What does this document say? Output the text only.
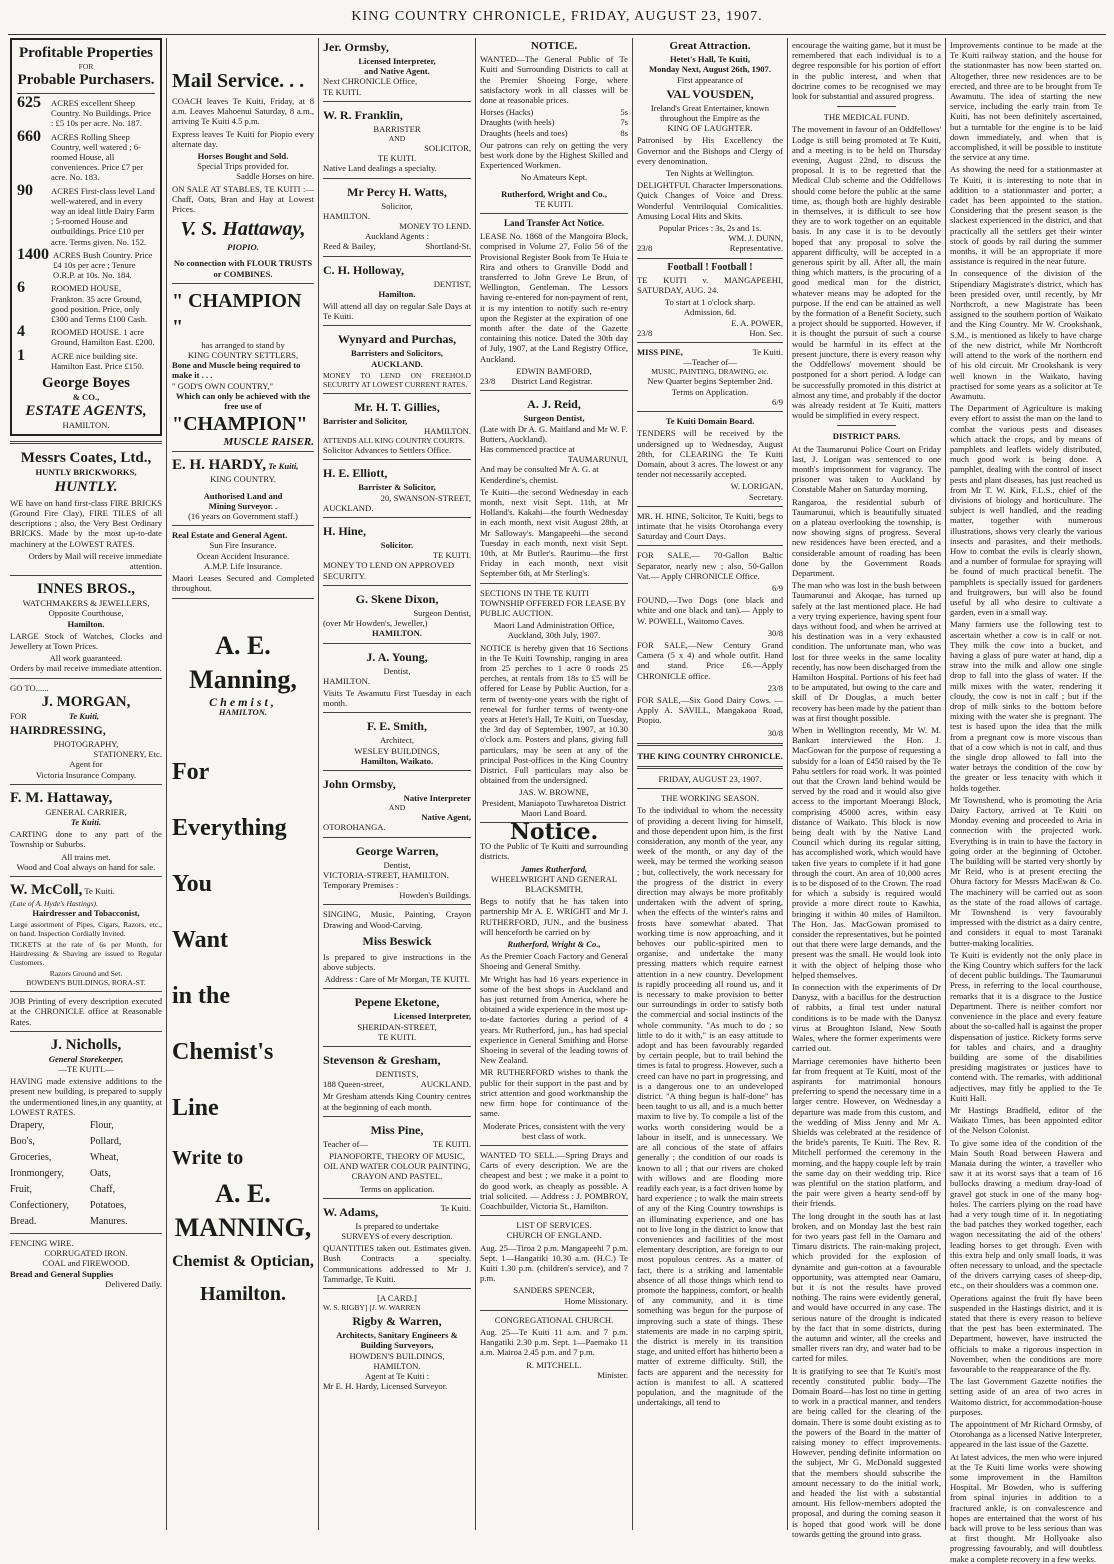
KING COUNTRY CHRONICLE, FRIDAY, AUGUST 23, 1907.
Profitable Properties
FOR
Probable Purchasers.
625	ACRES excellent Sheep Country. No Buildings. Price : £5 10s per acre. No. 187.
660	ACRES Rolling Sheep Country, well watered ; 6-roomed House, all conveniences. Price £7 per acre. No. 183.
90	ACRES First-class level Land well-watered, and in every way an ideal little Dairy Farm ; 5-roomed House and outbuildings. Price £10 per acre. Terms given. No. 152.
1400 ACRES Bush Country. Price £4 10s per acre ; Tenure O.R.P. at 10s. No. 184.
6	ROOMED HOUSE, Frankton. 35 acre Ground, good position. Price, only £300 and Terms £100 Cash.
4	ROOMED HOUSE. 1 acre Ground, Hamilton East. £200.
1	ACRE nice building site. Hamilton East. Price £150.
George Boyes
& CO.,
ESTATE AGENTS,
HAMILTON.
Messrs Coates, Ltd.,
HUNTLY BRICKWORKS,
HUNTLY.

WE have on hand first-class FIRE BRICKS (Ground Fire Clay), FIRE TILES of all descriptions ; also, the Very Best Ordinary BRICKS. Made by the most up-to-date machinery at the LOWEST RATES.

Orders by Mail will receive immediate attention.

INNES BROS.,
WATCHMAKERS & JEWELLERS,
Opposite Courthouse,
Hamilton.

LARGE Stock of Watches, Clocks and Jewellery at Town Prices.

All work guaranteed.
Orders by mail receive immediate attention.
GO TO......
J. MORGAN,
FOR	Te Kuiti,
HAIRDRESSING,
PHOTOGRAPHY,
STATIONERY, Etc.
Agent for
Victoria Insurance Company.
F. M. Hattaway,
GENERAL CARRIER,
Te Kuiti.

CARTING done to any part of the Township or Suburbs.

All trains met.
Wood and Coal always on hand for sale.
W. McColl, Te Kuiti.
(Late of A. Hyde's Hastings).
Hairdresser and Tobacconist,

Large assortment of Pipes, Cigars, Razors, etc., on hand. Inspection Cordially Invited.

TICKETS at the rate of 6s per Month, for Hairdressing & Shaving are issued to Regular Customers.

Razors Ground and Set.
BOWDEN'S BUILDINGS, RORA-ST.

JOB Printing of every description executed at the CHRONICLE office at Reasonable Rates.

J. Nicholls,
General Storekeeper,
—TE KUITI.—

HAVING made extensive additions to the present new building, is prepared to supply the undermentioned lines,in any quantity, at LOWEST RATES.

Drapery,	Flour,
Boo's,	Pollard,
Groceries,	Wheat,
Ironmongery,	Oats,
Fruit,	Chaff,
Confectionery,	Potatoes,
Bread.	Manures.
FENCING WIRE.
CORRUGATED IRON.
COAL and FIREWOOD.
Bread and General Supplies
Delivered Daily.
Mail Service. . .

COACH leaves Te Kuiti, Friday, at 8 a.m. Leaves Mahoenui Saturday, 8 a.m., arriving Te Kuiti 4.5 p.m.

Express leaves Te Kuiti for Piopio every alternate day.

Horses Bought and Sold.
Special Trips provided for.
Saddle Horses on hire.

ON SALE AT STABLES, TE KUITI :—Chaff, Oats, Bran and Hay at Lowest Prices.

V. S. Hattaway,
PIOPIO.
No connection with FLOUR TRUSTS or COMBINES.
" CHAMPION "
has arranged to stand by
KING COUNTRY SETTLERS,
Bone and Muscle being required to make it . . .
" GOD'S OWN COUNTRY,"
Which can only be achieved with the free use of
"CHAMPION"
MUSCLE RAISER.
E. H. HARDY, Te Kuiti,
KING COUNTRY.
Authorised Land and
Mining Surveyor. .
(16 years on Government staff.)
Real Estate and General Agent.
Sun Fire Insurance.
Ocean Accident Insurance.
A.M.P. Life Insurance.

Maori Leases Secured and Completed throughout.

A. E. Manning,
Chemist,
HAMILTON.
For
Everything
You
Want
in the
Chemist's
Line
Write to
A. E.
MANNING,
Chemist & Optician,
Hamilton.
Jer. Ormsby,
Licensed Interpreter,
and Native Agent.
Next CHRONICLE Office,
TE KUITI.
W. R. Franklin,
BARRISTER
AND
SOLICITOR,
TE KUITI.
Native Land dealings a specialty.
Mr Percy H. Watts,
Solicitor,
HAMILTON.
MONEY TO LEND.
Auckland Agents :
Reed & Bailey,	Shortland-St.
C. H. Holloway,
DENTIST,
Hamilton.

Will attend all day on regular Sale Days at Te Kuiti.

Wynyard and Purchas,
Barristers and Solicitors,
AUCKLAND.

MONEY TO LEND ON FREEHOLD SECURITY AT LOWEST CURRENT RATES.

Mr. H. T. Gillies,
Barrister and Solicitor,
HAMILTON.
ATTENDS ALL KING COUNTRY COURTS.
Solicitor Advances to Settlers Office.
H. E. Elliott,
Barrister & Solicitor,
20, SWANSON-STREET,
AUCKLAND.
H. Hine,
Solicitor.
TE KUITI.
MONEY TO LEND ON APPROVED SECURITY.
G. Skene Dixon,
Surgeon Dentist,
(over Mr Howden's, Jeweller,)
HAMILTON.
J. A. Young,
Dentist,
HAMILTON.

Visits Te Awamutu First Tuesday in each month.

F. E. Smith,
Architect,
WESLEY BUILDINGS,
Hamilton, Waikato.
John Ormsby,
Native Interpreter
AND
Native Agent,
OTOROHANGA.
George Warren,
Dentist,
VICTORIA-STREET, HAMILTON.
Temporary Premises :
Howden's Buildings.

SINGING, Music, Painting, Crayon Drawing and Wood-Carving.

Miss Beswick

Is prepared to give instructions in the above subjects.

Address : Care of Mr Morgan, TE KUITI.
Pepene Eketone,
Licensed Interpreter,
SHERIDAN-STREET,
TE KUITI.
Stevenson & Gresham,
DENTISTS,
188 Queen-street,	AUCKLAND.

Mr Gresham attends King Country centres at the beginning of each month.

Miss Pine,
Teacher of—	TE KUITI.

PIANOFORTE, THEORY OF MUSIC, OIL AND WATER COLOUR PAINTING, CRAYON AND PASTEL.

Terms on application.
W. Adams,	Te Kuiti.
Is prepared to undertake
SURVEYS of every description.

QUANTITIES taken out. Estimates given. Bush Contracts a specialty. Communications addressed to Mr J. Tammadge, Te Kuiti.

[A CARD.]
W. S. RIGBY] [J. W. WARREN
Rigby & Warren,
Architects, Sanitary Engineers & Building Surveyors,
HOWDEN'S BUILDINGS,
HAMILTON.
Agent at Te Kuiti :
Mr E. H. Hardy, Licensed Surveyor.
NOTICE.

WANTED—The General Public of Te Kuiti and Surrounding Districts to call at the Premier Shoeing Forge, where satisfactory work in all classes will be done at reasonable prices.

Horses (Hacks)	5s
Draughts (with heels)	7s
Draughts (heels and toes)	8s

Our patrons can rely on getting the very best work done by the Highest Skilled and Experienced Workmen.

No Amateurs Kept.
Rutherford, Wright and Co.,
TE KUITI.
Land Transfer Act Notice.

LEASE No. 1868 of the Mangoira Block, comprised in Volume 27, Folio 56 of the Provisional Register Book from Te Huia te Rira and others to Granville Dodd and transferred to John Greve Le Brun, of Wellington, Gentleman. The Lessors having re-entered for non-payment of rent, it is my intention to notify such re-entry upon the Register at the expiration of one month after the date of the Gazette containing this notice. Dated the 30th day of July, 1907, at the Land Registry Office, Auckland.

EDWIN BAMFORD,
23/8 District Land Registrar.
A. J. Reid,
Surgeon Dentist,
(Late with Dr A. G. Maitland and Mr W. F. Butters, Auckland).
Has commenced practice at
TAUMARUNUI,
And may be consulted Mr A. G. at Kenderdine's, chemist.

Te Kuiti—the second Wednesday in each month, next visit Sept. 11th, at Mr Holland's. Kakahi—the fourth Wednesday in each month, next visit August 28th, at Mr Salloway's. Mangapeehi—the second Tuesday in each month, next visit Sept. 10th, at Mr Butler's. Raurimu—the first Friday in each month, next visit September 6th, at Mr Sterling's.

SECTIONS IN THE TE KUITI TOWNSHIP OFFERED FOR LEASE BY PUBLIC AUCTION.

Maori Land Administration Office, Auckland, 30th July, 1907.

NOTICE is hereby given that 16 Sections in the Te Kuiti Township, ranging in area from 25 perches to 1 acre 0 roods 25 perches, at rentals from 18s to £5 will be offered for Lease by Public Auction, for a term of twenty-one years with the right of renewal for further terms of twenty-one years at Hetet's Hall, Te Kuiti, on Tuesday, the 3rd day of September, 1907, at 10.30 o'clock a.m. Posters and plans, giving full particulars, may be seen at any of the principal Post-offices in the King Country District. Full particulars may also be obtained from the undersigned.

JAS. W. BROWNE,
President, Maniapoto Tuwharetoa District Maori Land Board.
Notice.

TO the Public of Te Kuiti and surrounding districts.

James Rutherford,
WHEELWRIGHT AND GENERAL BLACKSMITH,

Begs to notify that he has taken into partnership Mr A. E. WRIGHT and Mr J. RUTHERFORD, JUN., and the business will henceforth be carried on by

Rutherford, Wright & Co.,

As the Premier Coach Factory and General Shoeing and General Smithy.

Mr Wright has had 16 years experience in some of the best shops in Auckland and has just returned from America, where he obtained a wide experience in the most up-to-date factories during a period of 4 years. Mr Rutherford, jun., has had special experience in General Smithing and Horse Shoeing in several of the leading towns of New Zealand.

MR RUTHERFORD wishes to thank the public for their support in the past and by strict attention and good workmanship the new firm hope for continuance of the same.

Moderate Prices, consistent with the very best class of work.

WANTED TO SELL.—Spring Drays and Carts of every description. We are the cheapest and best ; we make it a point to do good work, as cheaply as possible. A trial solicited. — Address : J. POMBROY, Coachbuilder, Victoria St., Hamilton.

LIST OF SERVICES.
CHURCH OF ENGLAND.

Aug. 25—Tiroa 2 p.m. Mangapeehi 7 p.m. Sept. 1—Hangatiki 10.30 a.m. (H.C.) Te Kuiti 1.30 p.m. (children's service), and 7 p.m.

SANDERS SPENCER,
Home Missionary.
CONGREGATIONAL CHURCH.

Aug. 25—Te Kuiti 11 a.m. and 7 p.m. Hangatiki 2.30 p.m. Sept. 1—Paemako 11 a.m. Mairoa 2.45 p.m. and 7 p.m.

R. MITCHELL.
Minister.
Great Attraction.
Hetet's Hall, Te Kuiti,
Monday Next, August 26th, 1907.
First appearance of
VAL VOUSDEN,
Ireland's Great Entertainer, known throughout the Empire as the
KING OF LAUGHTER.

Patronised by His Excellency the Governor and the Bishops and Clergy of every denomination.

Ten Nights at Wellington.

DELIGHTFUL Character Impersonations. Quick Changes of Voice and Dress. Wonderful Ventriloquial Comicalities. Amusing Local Hits and Skits.

Popular Prices : 3s, 2s and 1s.
WM. J. DUNN,
23/8	Representative.
Football ! Football !

TE KUITI v. MANGAPEEHI, SATURDAY, AUG. 24.

To start at 1 o'clock sharp.
Admission, 6d.
E. A. POWER,
23/8	Hon. Sec.
MISS PINE,	Te Kuiti.
—Teacher of—
MUSIC, PAINTING, DRAWING, etc.
New Quarter begins September 2nd. Terms on Application.
6/9
Te Kuiti Domain Board.

TENDERS will be received by the undersigned up to Wednesday, August 28th, for CLEARING the Te Kuiti Domain, about 3 acres. The lowest or any tender not necessarily accepted.

W. LORIGAN,
Secretary.

MR. H. HINE, Solicitor, Te Kuiti, begs to intimate that he visits Otorohanga every Saturday and Court Days.

FOR SALE,— 70-Gallon Baltic Separator, nearly new ; also, 50-Gallon Vat.— Apply CHRONICLE Office.

6/9

FOUND,—Two Dogs (one black and white and one black and tan).— Apply to W. POWELL, Waitomo Caves.

30/8

FOR SALE,—New Century Grand Camera (5 x 4) and whole outfit. Hand and stand. Price £6.—Apply CHRONICLE office.

23/8

FOR SALE,—Six Good Dairy Cows. —Apply A. SAVILL, Mangakaoa Road, Piopio.

30/8
THE KING COUNTRY CHRONICLE.
FRIDAY, AUGUST 23, 1907.
THE WORKING SEASON.

To the individual to whom the necessity of providing a decent living for himself, and those dependent upon him, is the first consideration, any month of the year, any week of the month, or any day of the week, may be termed the working season ; but, collectively, the work necessary for the progress of the district in every direction may always be more profitably undertaken with the advent of spring, when the effects of the winter's rains and frosts have somewhat abated. That working time is now approaching, and it behoves our public-spirited men to organise, and undertake the many pressing matters which require earnest attention in a new country. Development is rapidly proceeding all round us, and it is necessary to make provision to better our surroundings in order to satisfy both the commercial and social instincts of the whole community. "As much to do ; so little to do it with," is an easy attitude to adopt and has been favourably regarded by certain people, but to trail behind the times is fatal to progress. However, such a creed can have no part in progressing, and is a dangerous one to an undeveloped district. "A thing begun is half-done" has been taught to us all, and is a much better maxim to live by. To compile a list of the works worth considering would be a labour in itself, and is unnecessary. We are all concious of the state of affairs generally ; the condition of our roads is known to all ; that our rivers are choked with willows and are flooding more readily each year, is a fact driven home by hard experience ; to walk the main streets of any of the King Country townships is an illuminating experience, and one has not to live long in the district to know that conveniences and facilities of the most elementary description, are foreign to our most populous centres. As a matter of fact, there is a striking and lamentable absence of all those things which tend to promote the happiness, comfort, or health of any community, and it is time something was begun for the purpose of improving such a state of things. These statements are made in no carping spirit, the district is merely in its transition stage, and united effort has hitherto been a matter of extreme difficulty. Still, the facts are apparent and the necessity for action is manifest to all. A scattered population, and the magnitude of the undertakings, all tend to

encourage the waiting game, but it must be remembered that each individual is to a degree responsible for his portion of effort in the public interest, and when that doctrine comes to be recognised we may look for substantial and assured progress.

THE MEDICAL FUND.

The movement in favour of an Oddfellows' Lodge is still being promoted at Te Kuiti, and a meeting is to be held on Thursday evening, August 22nd, to discuss the proposal. It is to be regretted that the Medical Club scheme and the Oddfellows should come before the public at the same time, as, though both are highly desirable in themselves, it is difficult to see how they are to work together on an equitable basis. In any case it is to be devoutly hoped that any proposal to solve the apparent difficulty, will be accepted in a generous spirit by all. After all, the main thing which matters, is the procuring of a good medical man for the district, whatever means may be adopted for the purpose. If the end can be attained as well by the formation of a Benefit Society, such a project should be supported. However, if it is thought the pursuit of such a course would be harmful in its effect at the present juncture, there is every reason why the Oddfellows' movement should be postponed for a short period. A lodge can be successfully promoted in this district at almost any time, and probably if the doctor was already resident at Te Kuiti, matters would be simplified in every respect.

DISTRICT PARS.

At the Taumarunui Police Court on Friday last, J. Lorigan was sentenced to one month's imprisonment for vagrancy. The prisoner was taken to Auckland by Constable Maher on Saturday morning.

Rangaroa, the residential suburb of Taumarunui, which is beautifully situated on a plateau overlooking the township, is now showing signs of progress. Several new residences have been erected, and a considerable amount of roading has been done by the Government Roads Department.

The man who was lost in the bush between Taumarunui and Akoqae, has turned up safely at the last mentioned place. He had a very trying experience, having spent four days without food, and when he arrived at his destination was in a very exhausted condition. The unfortunate man, who was lost for three weeks in the same locality recently, has now been discharged from the Hamilton Hospital. Portions of his feet had to be amputated, but owing to the care and skill of Dr Douglas, a much better recovery has been made by the patient than was at first thought possible.

When in Wellington recently, Mr W. M. Bankart interviewed the Hon. J. MacGowan for the purpose of requesting a subsidy for a loan of £450 raised by the Te Pahu settlers for road work. It was pointed out that the Crown land behind would be served by the road and it would also give access to the important Moerangi Block, comprising 45000 acres, within easy distance of Waikato. This block is now being dealt with by the Native Land Council which during its regular sitting, has accomplished work, which would have taken five years to complete if it had gone through the court. An area of 10,000 acres is to be disposed of to the Crown. The road for which a subsidy is required would provide a more direct route to Kawhia, bringing it within 40 miles of Hamilton. The Hon. Jas. MacGowan promised to consider the representatives, but he pointed out that there were large demands, and the present was the small. He would look into it with the object of helping those who helped themselves.

In connection with the experiments of Dr Danysz, with a bacillus for the destruction of rabbits, a final test under natural conditions is to be made with the Danysz virus at Broughton Island, New South Wales, where the former experiments were carried out.

Marriage ceremonies have hitherto been far from frequent at Te Kuiti, most of the aspirants for matrimonial honours preferring to spend the necessary time in a larger centre. However, on Wednesday a departure was made from this custom, and the wedding of Miss Jenny and Mr A. Shields was celebrated at the residence of the bride's parents, Te Kuiti. The Rev. R. Mitchell performed the ceremony in the morning, and the happy couple left by train the same day on their wedding trip. Rice was plentiful on the station platform, and the pair were given a hearty send-off by their friends.

The long drought in the south has at last broken, and on Monday last the best rain for two years past fell in the Oamaru and Timaru districts. The rain-making project, which provided for the explosion of dynamite and gun-cotton at a favourable opportunity, was attempted near Oamaru, but it is not the results have proved nothing. The rains were evidently general, and would have occurred in any case. The serious nature of the drought is indicated by the fact that in some districts, during the autumn and winter, all the creeks and smaller rivers ran dry, and water had to be carted for miles.

It is gratifying to see that Te Kuiti's most recently constituted public body—The Domain Board—has lost no time in getting to work in a practical manner, and tenders are being called for the clearing of the domain. There is some doubt existing as to the powers of the Board in the matter of raising money to effect improvements. However, pending definite information on the subject, Mr G. McDonald suggested that the members should subscribe the amount necessary to do the initial work, and headed the list with a substantial amount. His fellow-members adopted the proposal, and during the coming season it is hoped that good work will be done towards getting the ground into grass.

Improvements continue to be made at the Te Kuiti railway station, and the house for the stationmaster has now been started on. Altogether, three new residences are to be erected, and three are to be brought from Te Awamutu. The idea of starting the new service, including the early train from Te Kuiti, has not been definitely ascertained, but a turntable for the engine is to be laid down immediately, and when that is accomplished, it will be possible to institute the service at any time.

As showing the need for a stationmaster at Te Kuiti, it is interesting to note that in addition to a stationmaster and porter, a cadet has been appointed to the station. Considering that the present season is the slackest experienced in the district, and that practically all the settlers get their winter stock of goods by rail during the summer months, it will be an appropriate if more assistance is required in the near future.

In consequence of the division of the Stipendiary Magistrate's district, which has been presided over, until recently, by Mr Northcroft, a new Magistrate has been assigned to the southern portion of Waikato and the King Country. Mr W. Crookshank, S.M., is mentioned as likely to have charge of the new district, while Mr Northcroft will attend to the work of the northern end of his old circuit. Mr Crookshank is very well known in the Waikato, having practised for some years as a solicitor at Te Awamutu.

The Department of Agriculture is making every effort to assist the man on the land to combat the various pests and diseases which attack the crops, and by means of pamphlets and leaflets widely distributed, much good work is being done. A pamphlet, dealing with the control of insect pests and plant diseases, has just reached us from Mr T. W. Kirk, F.L.S., chief of the divisions of biology and horticulture. The subject is well handled, and the reading matter, together with numerous illustrations, shows very clearly the various insects and parasites, and their methods. How to combat the evils is clearly shown, and a number of formulae for spraying will be found of much practical benefit. The pamphlets is specially issued for gardeners and fruitgrowers, but will also be found useful by all who desire to cultivate a garden, even in a small way.

Many farmers use the following test to ascertain whether a cow is in calf or not. They milk the cow into a bucket, and having a glass of pure water at hand, dip a straw into the milk and allow one single drop to fall into the glass of water. If the milk mixes with the water, rendering it cloudy, the cow is not in calf ; but if the drop of milk sinks to the bottom before mixing with the water she is pregnant. The test is based upon the idea that the milk from a pregnant cow is more viscous than that of a cow which is not in calf, and thus the single drop allowed to fall into the water betrays the condition of the cow by the greater or less tenacity with which it holds together.

Mr Townshend, who is promoting the Aria Dairy Factory, arrived at Te Kuiti on Monday evening and proceeded to Aria in connection with the projected work. Everything is in train to have the factory in going order at the beginning of October. The building will be started very shortly by Mr Reid, who is at present erecting the Ohura factory for Messrs MacEwan & Co. The machinery will be carried out as soon as the state of the road allows of cartage. Mr Townshend is very favourably impressed with the district as a dairy centre, and considers it equal to most Taranaki butter-making localities.

Te Kuiti is evidently not the only place in the King Country which suffers for the lack of decent public buildings. The Taumarunui Press, in referring to the local courthouse, remarks that it is a disgrace to the Justice Department. There is neither comfort nor convenience in the place and every feature about the so-called hall is against the proper dispensation of justice. Rickety forms serve for tables and chairs, and a draughty building are some of the disabilities presiding magistrates or justices have to contend with. The remarks, with additional adjectives, may fitly be applied to the Te Kuiti Hall.

Mr Hastings Bradfield, editor of the Waikato Times, has been appointed editor of the Nelson Colonist.

To give some idea of the condition of the Main South Road between Hawera and Manaia during the winter, a traveller who saw it at its worst says that a team of 16 bullocks drawing a medium dray-load of gravel got stuck in one of the many bog-holes. The carriers plying on the road have had a very tough time of it. In negotiating the bad patches they worked together, each wagon necessitating the aid of the others' leading horses to get through. Even with this extra help and only small loads, it was often necessary to unload, and the spectacle of the drivers carrying cases of sheep-dip, etc., on their shoulders was a common one.

Operations against the fruit fly have been suspended in the Hastings district, and it is stated that there is every reason to believe that the pest has been exterminated. The Department, however, have instructed the officials to make a rigorous inspection in November, when the conditions are more favourable to the reappearance of the fly.

The last Government Gazette notifies the setting aside of an area of two acres in Waitomo district, for accommodation-house purposes.

The appointment of Mr Richard Ormsby, of Otorohanga as a licensed Native Interpreter, appeared in the last issue of the Gazette.

At latest advices, the men who were injured at the Te Kuiti lime works were showing some improvement in the Hamilton Hospital. Mr Bowden, who is suffering from spinal injuries in addition to a fractured ankle, is on convalescence and hopes are entertained that the worst of his back will prove to be less serious than was at first thought. Mr Hollyoake also progressing favourably, and will doubtless make a complete recovery in a few weeks.
